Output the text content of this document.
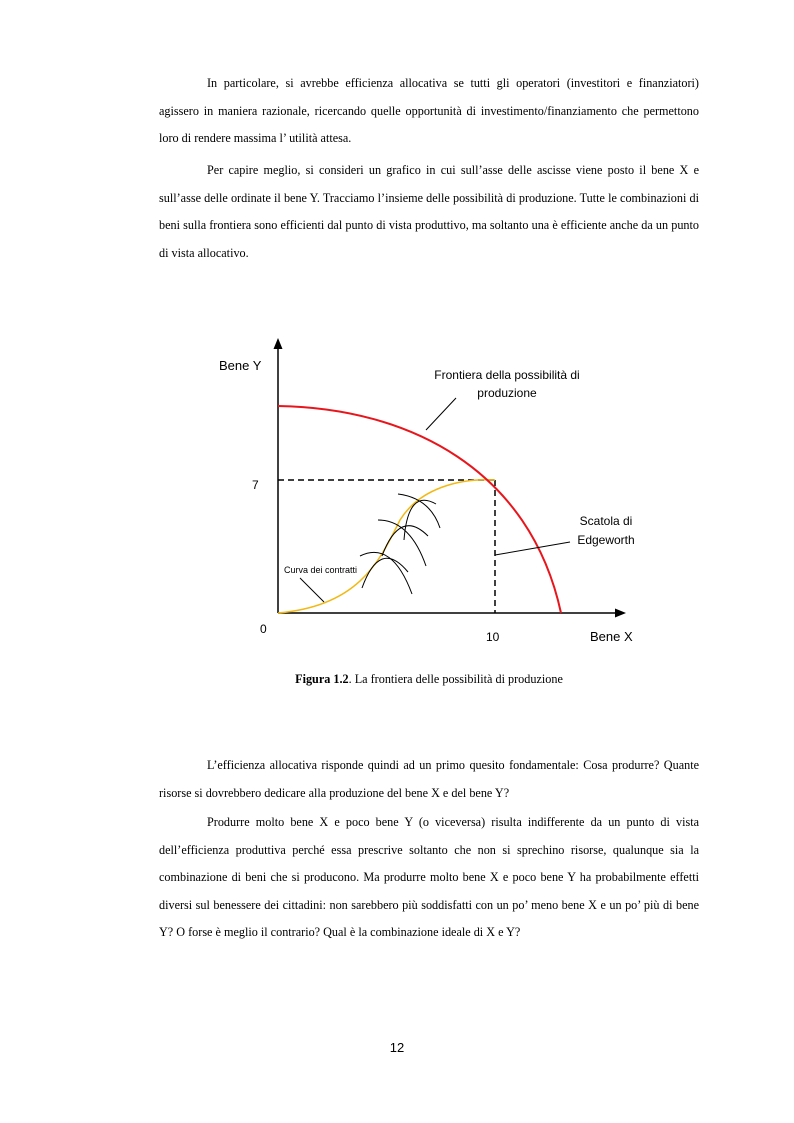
In particolare, si avrebbe efficienza allocativa se tutti gli operatori (investitori e finanziatori) agissero in maniera razionale, ricercando quelle opportunità di investimento/finanziamento che permettono loro di rendere massima l’ utilità attesa.

Per capire meglio, si consideri un grafico in cui sull’asse delle ascisse viene posto il bene X e sull’asse delle ordinate il bene Y. Tracciamo l’insieme delle possibilità di produzione. Tutte le combinazioni di beni sulla frontiera sono efficienti dal punto di vista produttivo, ma soltanto una è efficiente anche da un punto di vista allocativo.

Bene Y
Bene X
0
7
10
Frontiera della possibilità di
produzione
Scatola di
Edgeworth
Curva dei contratti
Figura 1.2. La frontiera delle possibilità di produzione

L’efficienza allocativa risponde quindi ad un primo quesito fondamentale: Cosa produrre? Quante risorse si dovrebbero dedicare alla produzione del bene X e del bene Y?

Produrre molto bene X e poco bene Y (o viceversa) risulta indifferente da un punto di vista dell’efficienza produttiva perché essa prescrive soltanto che non si sprechino risorse, qualunque sia la combinazione di beni che si producono. Ma produrre molto bene X e poco bene Y ha probabilmente effetti diversi sul benessere dei cittadini: non sarebbero più soddisfatti con un po’ meno bene X e un po’ più di bene Y? O forse è meglio il contrario? Qual è la combinazione ideale di X e Y?

12
